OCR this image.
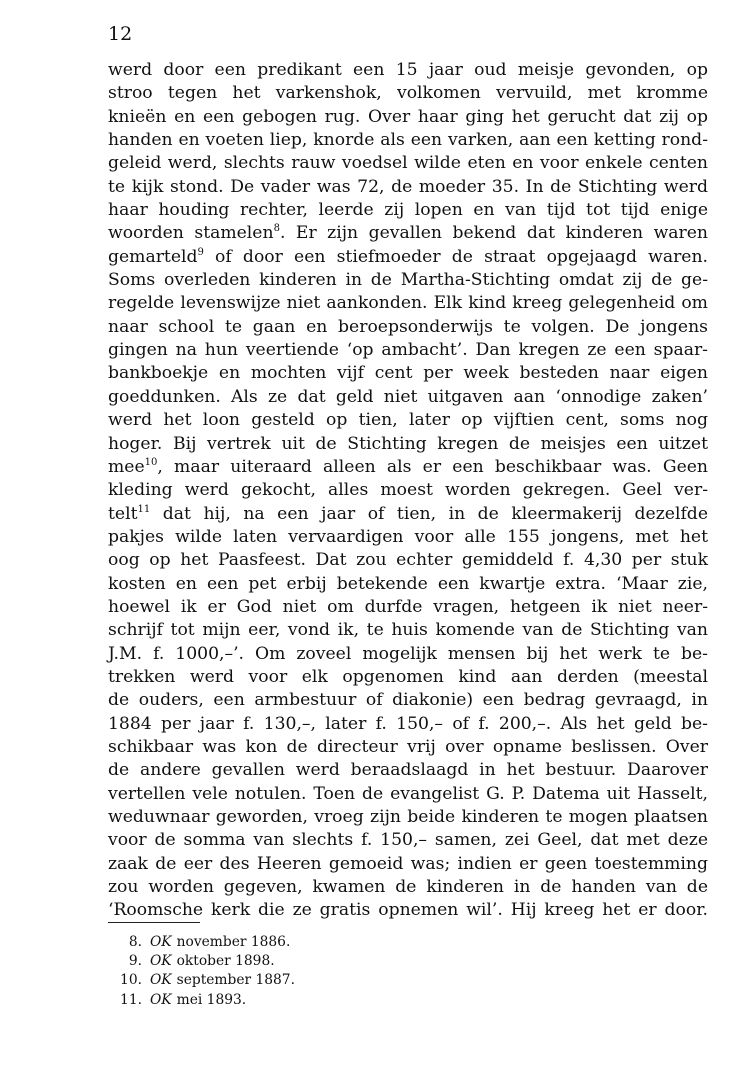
12
werd door een predikant een 15 jaar oud meisje gevonden, op
stroo tegen het varkenshok, volkomen vervuild, met kromme
knieën en een gebogen rug. Over haar ging het gerucht dat zij op
handen en voeten liep, knorde als een varken, aan een ketting rond-
geleid werd, slechts rauw voedsel wilde eten en voor enkele centen
te kijk stond. De vader was 72, de moeder 35. In de Stichting werd
haar houding rechter, leerde zij lopen en van tijd tot tijd enige
woorden stamelen$^8$. Er zijn gevallen bekend dat kinderen waren
gemarteld$^9$ of door een stiefmoeder de straat opgejaagd waren.
Soms overleden kinderen in de Martha-Stichting omdat zij de ge-
regelde levenswijze niet aankonden. Elk kind kreeg gelegenheid om
naar school te gaan en beroepsonderwijs te volgen. De jongens
gingen na hun veertiende ‘op ambacht’. Dan kregen ze een spaar-
bankboekje en mochten vijf cent per week besteden naar eigen
goeddunken. Als ze dat geld niet uitgaven aan ‘onnodige zaken’
werd het loon gesteld op tien, later op vijftien cent, soms nog
hoger. Bij vertrek uit de Stichting kregen de meisjes een uitzet
mee$^{10}$, maar uiteraard alleen als er een beschikbaar was. Geen
kleding werd gekocht, alles moest worden gekregen. Geel ver-
telt$^{11}$ dat hij, na een jaar of tien, in de kleermakerij dezelfde
pakjes wilde laten vervaardigen voor alle 155 jongens, met het
oog op het Paasfeest. Dat zou echter gemiddeld f. 4,30 per stuk
kosten en een pet erbij betekende een kwartje extra. ‘Maar zie,
hoewel ik er God niet om durfde vragen, hetgeen ik niet neer-
schrijf tot mijn eer, vond ik, te huis komende van de Stichting van
J.M. f. 1000,–’. Om zoveel mogelijk mensen bij het werk te be-
trekken werd voor elk opgenomen kind aan derden (meestal
de ouders, een armbestuur of diakonie) een bedrag gevraagd, in
1884 per jaar f. 130,–, later f. 150,– of f. 200,–. Als het geld be-
schikbaar was kon de directeur vrij over opname beslissen. Over
de andere gevallen werd beraadslaagd in het bestuur. Daarover
vertellen vele notulen. Toen de evangelist G. P. Datema uit Hasselt,
weduwnaar geworden, vroeg zijn beide kinderen te mogen plaatsen
voor de somma van slechts f. 150,– samen, zei Geel, dat met deze
zaak de eer des Heeren gemoeid was; indien er geen toestemming
zou worden gegeven, kwamen de kinderen in de handen van de
‘Roomsche kerk die ze gratis opnemen wil’. Hij kreeg het er door.
8. OK november 1886.
9. OK oktober 1898.
10. OK september 1887.
11. OK mei 1893.
